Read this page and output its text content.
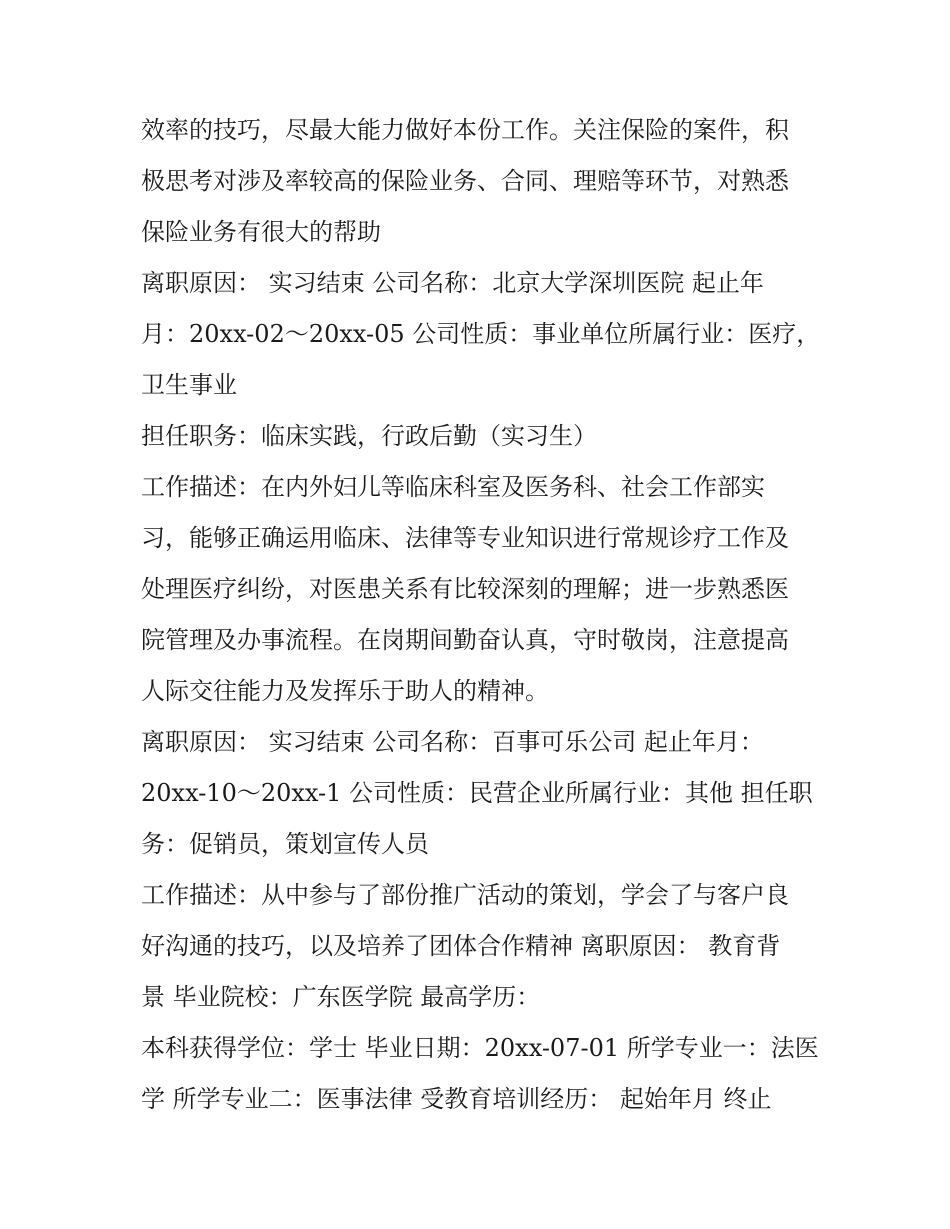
效率的技巧，尽最大能力做好本份工作。关注保险的案件，积
极思考对涉及率较高的保险业务、合同、理赔等环节，对熟悉
保险业务有很大的帮助
离职原因： 实习结束 公司名称：北京大学深圳医院 起止年
月：20xx-02～20xx-05 公司性质：事业单位所属行业：医疗，
卫生事业
担任职务：临床实践，行政后勤（实习生）
工作描述：在内外妇儿等临床科室及医务科、社会工作部实
习，能够正确运用临床、法律等专业知识进行常规诊疗工作及
处理医疗纠纷，对医患关系有比较深刻的理解；进一步熟悉医
院管理及办事流程。在岗期间勤奋认真，守时敬岗，注意提高
人际交往能力及发挥乐于助人的精神。
离职原因： 实习结束 公司名称：百事可乐公司 起止年月：
20xx-10～20xx-1 公司性质：民营企业所属行业：其他 担任职
务：促销员，策划宣传人员
工作描述：从中参与了部份推广活动的策划，学会了与客户良
好沟通的技巧，以及培养了团体合作精神 离职原因： 教育背
景 毕业院校：广东医学院 最高学历：
本科获得学位：学士 毕业日期：20xx-07-01 所学专业一：法医
学 所学专业二：医事法律 受教育培训经历： 起始年月 终止
